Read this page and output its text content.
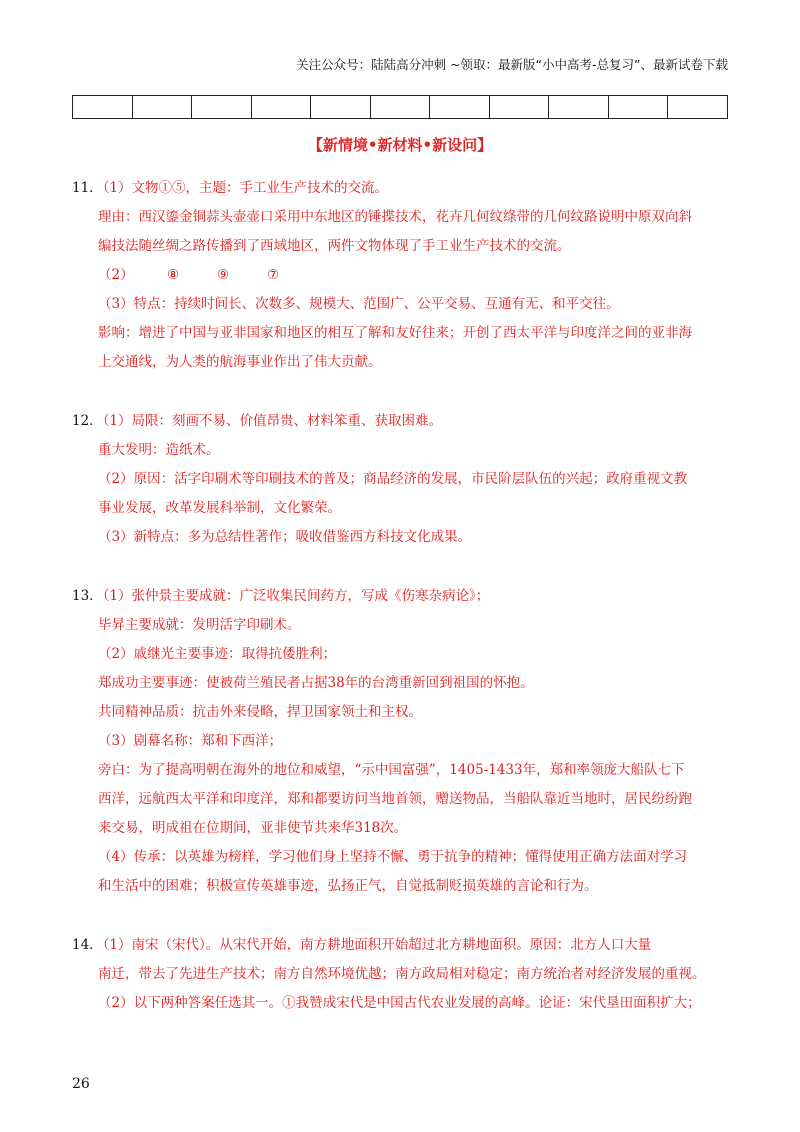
关注公众号：陆陆高分冲刺 ~领取：最新版“小中高考-总复习”、最新试卷下载

【新情境•新材料•新设问】
11．（1）文物①⑤，主题：手工业生产技术的交流。
理由：西汉鎏金铜蒜头壶壶口采用中东地区的锤揲技术，花卉几何纹绦带的几何纹路说明中原双向斜
编技法随丝绸之路传播到了西域地区，两件文物体现了手工业生产技术的交流。
（2） ⑧	⑨	⑦
（3）特点：持续时间长、次数多、规模大、范围广、公平交易、互通有无、和平交往。
影响：增进了中国与亚非国家和地区的相互了解和友好往来；开创了西太平洋与印度洋之间的亚非海
上交通线，为人类的航海事业作出了伟大贡献。
12．（1）局限：刻画不易、价值昂贵、材料笨重、获取困难。
重大发明：造纸术。
（2）原因：活字印刷术等印刷技术的普及；商品经济的发展，市民阶层队伍的兴起；政府重视文教
事业发展，改革发展科举制，文化繁荣。
（3）新特点：多为总结性著作；吸收借鉴西方科技文化成果。
13．（1）张仲景主要成就：广泛收集民间药方，写成《伤寒杂病论》；
毕昇主要成就：发明活字印刷术。
（2）戚继光主要事迹：取得抗倭胜利；
郑成功主要事迹：使被荷兰殖民者占据38年的台湾重新回到祖国的怀抱。
共同精神品质：抗击外来侵略，捍卫国家领土和主权。
（3）剧幕名称：郑和下西洋；
旁白：为了提高明朝在海外的地位和威望，“示中国富强”，1405-1433年，郑和率领庞大船队七下
西洋，远航西太平洋和印度洋，郑和都要访问当地首领，赠送物品，当船队靠近当地时，居民纷纷跑
来交易，明成祖在位期间，亚非使节共来华318次。
（4）传承：以英雄为榜样，学习他们身上坚持不懈、勇于抗争的精神；懂得使用正确方法面对学习
和生活中的困难；积极宣传英雄事迹，弘扬正气，自觉抵制贬损英雄的言论和行为。
14．（1）南宋（宋代）。从宋代开始，南方耕地面积开始超过北方耕地面积。原因：北方人口大量
南迁，带去了先进生产技术；南方自然环境优越；南方政局相对稳定；南方统治者对经济发展的重视。
（2）以下两种答案任选其一。①我赞成宋代是中国古代农业发展的高峰。论证：宋代垦田面积扩大；
26
